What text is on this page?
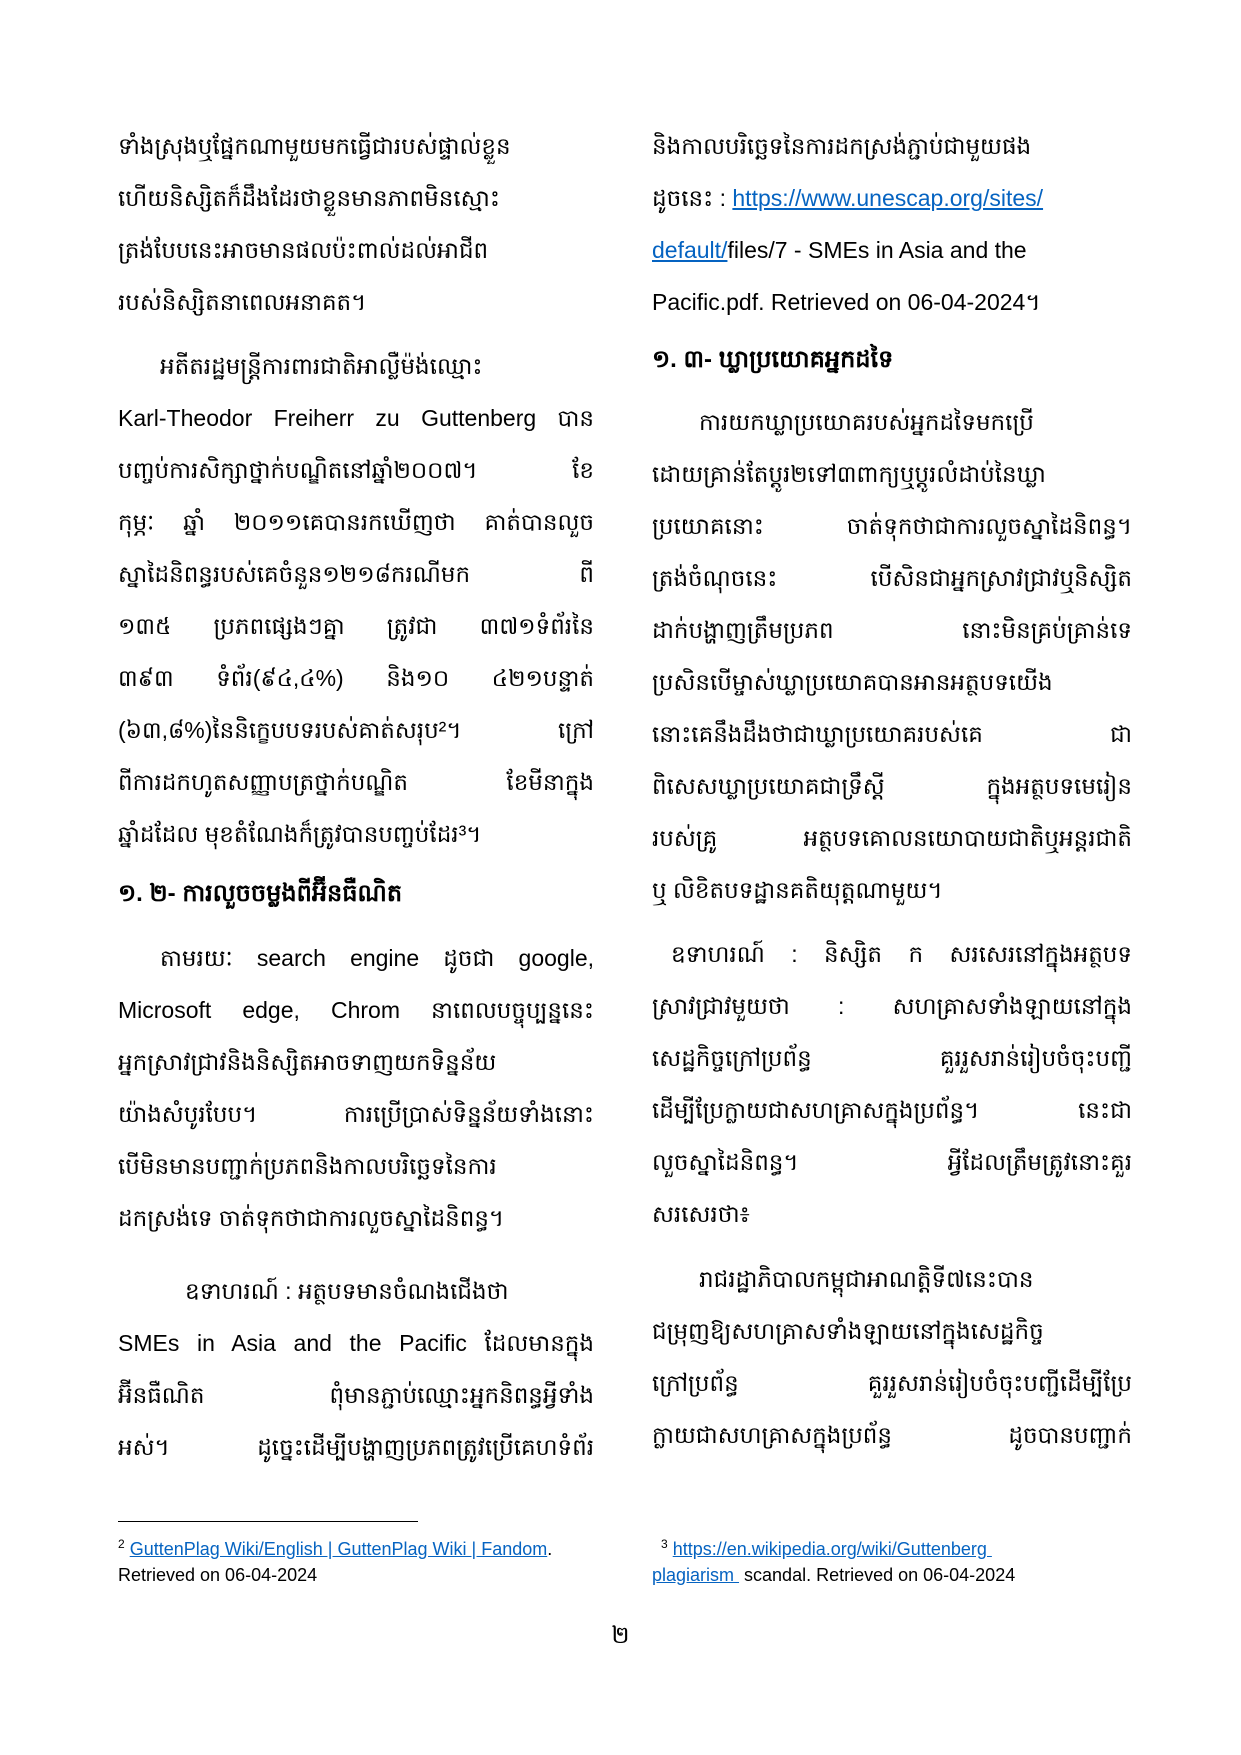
ទាំងស្រុងឬផ្នែកណាមួយមកធ្វើជារបស់ផ្ទាល់ខ្លួន
ហើយនិស្សិតក៏ដឹងដែរថាខ្លួនមានភាពមិនស្មោះ
ត្រង់បែបនេះអាចមានផលប៉ះពាល់ដល់អាជីព
របស់និស្សិតនាពេលអនាគត។
អតីតរដ្ឋមន្ត្រីការពារជាតិអាល្លឺម៉ង់ឈ្មោះ
Karl-Theodor Freiherr zu Guttenberg បាន
បញ្ចប់ការសិក្សាថ្នាក់បណ្ឌិតនៅឆ្នាំ២០០៧។ ខែ
កុម្ភៈ ឆ្នាំ ២០១១គេបានរកឃើញថា គាត់បានលួច
ស្នាដៃនិពន្ធរបស់គេចំនួន១២១៨ករណីមក ពី
១៣៥ ប្រភពផ្សេងៗគ្នា ត្រូវជា ៣៧១ទំព័រនៃ
៣៩៣ ទំព័រ(៩៤,៤%) និង១០ ៤២១បន្ទាត់
(៦៣,៨%)នៃនិក្ខេបបទរបស់គាត់សរុប²។ ក្រៅ
ពីការដកហូតសញ្ញាបត្រថ្នាក់បណ្ឌិត ខែមីនាក្នុង
ឆ្នាំដដែល មុខតំណែងក៏ត្រូវបានបញ្ចប់ដែរ³។
១. ២- ការលួចចម្លងពីអ៊ីនធឺណិត
តាមរយៈ search engine ដូចជា google,
Microsoft edge, Chrom នាពេលបច្ចុប្បន្ននេះ
អ្នកស្រាវជ្រាវនិងនិស្សិតអាចទាញយកទិន្នន័យ
យ៉ាងសំបូរបែប។ ការប្រើប្រាស់ទិន្នន័យទាំងនោះ
បើមិនមានបញ្ជាក់ប្រភពនិងកាលបរិច្ឆេទនៃការ
ដកស្រង់ទេ ចាត់ទុកថាជាការលួចស្នាដៃនិពន្ធ។
ឧទាហរណ៍ : អត្ថបទមានចំណងជើងថា
SMEs in Asia and the Pacific ដែលមានក្នុង
អ៊ីនធឺណិត ពុំមានភ្ជាប់ឈ្មោះអ្នកនិពន្ធអ្វីទាំង
អស់។ ដូច្នេះដើម្បីបង្ហាញប្រភពត្រូវប្រើគេហទំព័រ
និងកាលបរិច្ឆេទនៃការដកស្រង់ភ្ជាប់ជាមួយផង
ដូចនេះ : https://www.unescap.org/sites/
default/files/7 - SMEs in Asia and the
Pacific.pdf. Retrieved on 06-04-2024។
១. ៣- ឃ្លាប្រយោគអ្នកដទៃ
ការយកឃ្លាប្រយោគរបស់អ្នកដទៃមកប្រើ
ដោយគ្រាន់តែប្តូរ២ទៅ៣ពាក្យឬប្តូរលំដាប់នៃឃ្លា
ប្រយោគនោះ ចាត់ទុកថាជាការលួចស្នាដៃនិពន្ធ។
ត្រង់ចំណុចនេះ បើសិនជាអ្នកស្រាវជ្រាវឬនិស្សិត
ដាក់បង្ហាញត្រឹមប្រភព នោះមិនគ្រប់គ្រាន់ទេ
ប្រសិនបើម្ចាស់ឃ្លាប្រយោគបានអានអត្ថបទយើង
នោះគេនឹងដឹងថាជាឃ្លាប្រយោគរបស់គេ ជា
ពិសេសឃ្លាប្រយោគជាទ្រឹស្តី ក្នុងអត្ថបទមេរៀន
របស់គ្រូ អត្ថបទគោលនយោបាយជាតិឬអន្តរជាតិ
ឬ លិខិតបទដ្ឋានគតិយុត្តណាមួយ។
ឧទាហរណ៍ : និស្សិត ក សរសេរនៅក្នុងអត្ថបទ
ស្រាវជ្រាវមួយថា : សហគ្រាសទាំងឡាយនៅក្នុង
សេដ្ឋកិច្ចក្រៅប្រព័ន្ធ គួររួសរាន់រៀបចំចុះបញ្ជី
ដើម្បីប្រែក្លាយជាសហគ្រាសក្នុងប្រព័ន្ធ។ នេះជា
លួចស្នាដៃនិពន្ធ។ អ្វីដែលត្រឹមត្រូវនោះគួរ
សរសេរថា៖
រាជរដ្ឋាភិបាលកម្ពុជាអាណត្តិទី៧នេះបាន
ជម្រុញឱ្យសហគ្រាសទាំងឡាយនៅក្នុងសេដ្ឋកិច្ច
ក្រៅប្រព័ន្ធ គួររួសរាន់រៀបចំចុះបញ្ជីដើម្បីប្រែ
ក្លាយជាសហគ្រាសក្នុងប្រព័ន្ធ ដូចបានបញ្ជាក់
$^2$ GuttenPlag Wiki/English | GuttenPlag Wiki | Fandom.
Retrieved on 06-04-2024
$^3$ https://en.wikipedia.org/wiki/Guttenberg
plagiarism  scandal. Retrieved on 06-04-2024
២
